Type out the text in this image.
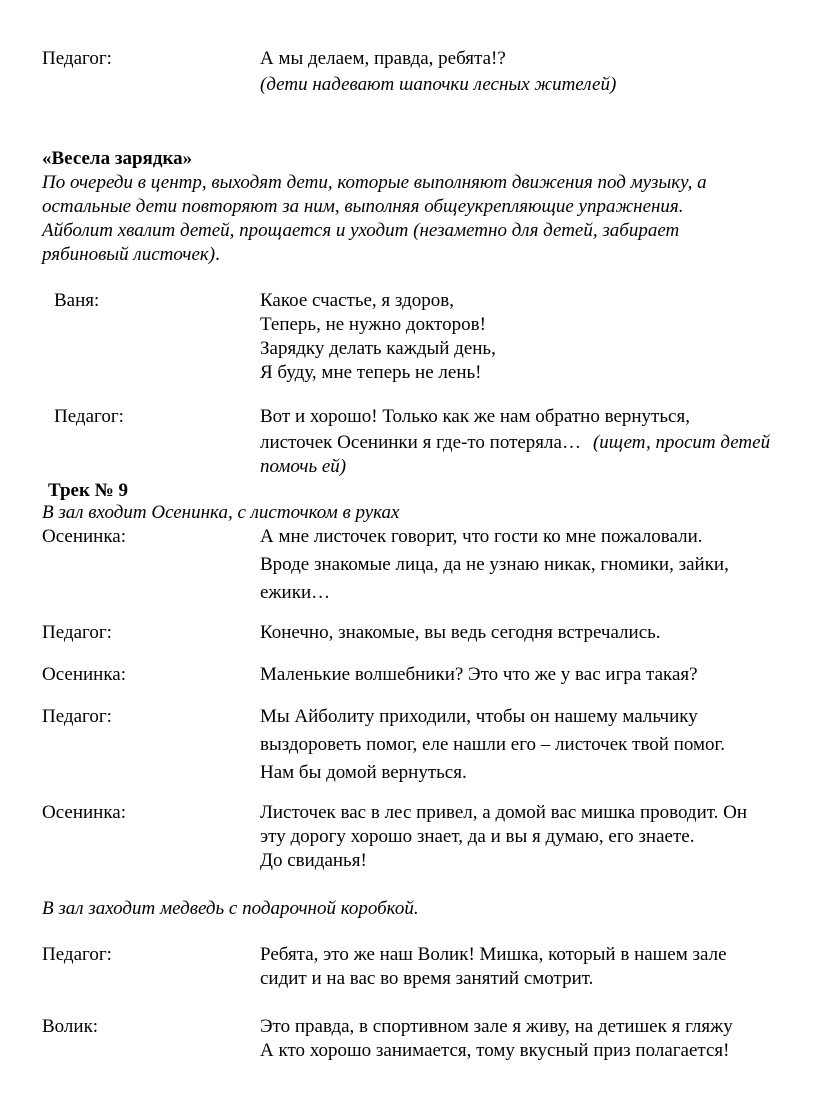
Педагог:	А мы делаем, правда, ребята!?
(дети надевают шапочки лесных жителей)
«Весела зарядка»
По очереди в центр, выходят дети, которые выполняют движения под музыку, а
остальные дети повторяют за ним, выполняя общеукрепляющие упражнения.
Айболит хвалит детей, прощается и уходит (незаметно для детей, забирает
рябиновый листочек).
Ваня:	Какое счастье, я здоров,
Теперь, не нужно докторов!
Зарядку делать каждый день,
Я буду, мне теперь не лень!
Педагог:	Вот и хорошо! Только как же нам обратно вернуться,
листочек Осенинки я где-то потеряла… (ищет, просит детей
помочь ей)
Трек № 9
В зал входит Осенинка, с листочком в руках
Осенинка:	А мне листочек говорит, что гости ко мне пожаловали.
Вроде знакомые лица, да не узнаю никак, гномики, зайки,
ежики…
Педагог:	Конечно, знакомые, вы ведь сегодня встречались.
Осенинка:	Маленькие волшебники? Это что же у вас игра такая?
Педагог:	Мы Айболиту приходили, чтобы он нашему мальчику
выздороветь помог, еле нашли его – листочек твой помог.
Нам бы домой вернуться.
Осенинка:	Листочек вас в лес привел, а домой вас мишка проводит. Он
эту дорогу хорошо знает, да и вы я думаю, его знаете.
До свиданья!
В зал заходит медведь с подарочной коробкой.
Педагог:	Ребята, это же наш Волик! Мишка, который в нашем зале
сидит и на вас во время занятий смотрит.
Волик:	Это правда, в спортивном зале я живу, на детишек я гляжу
А кто хорошо занимается, тому вкусный приз полагается!
